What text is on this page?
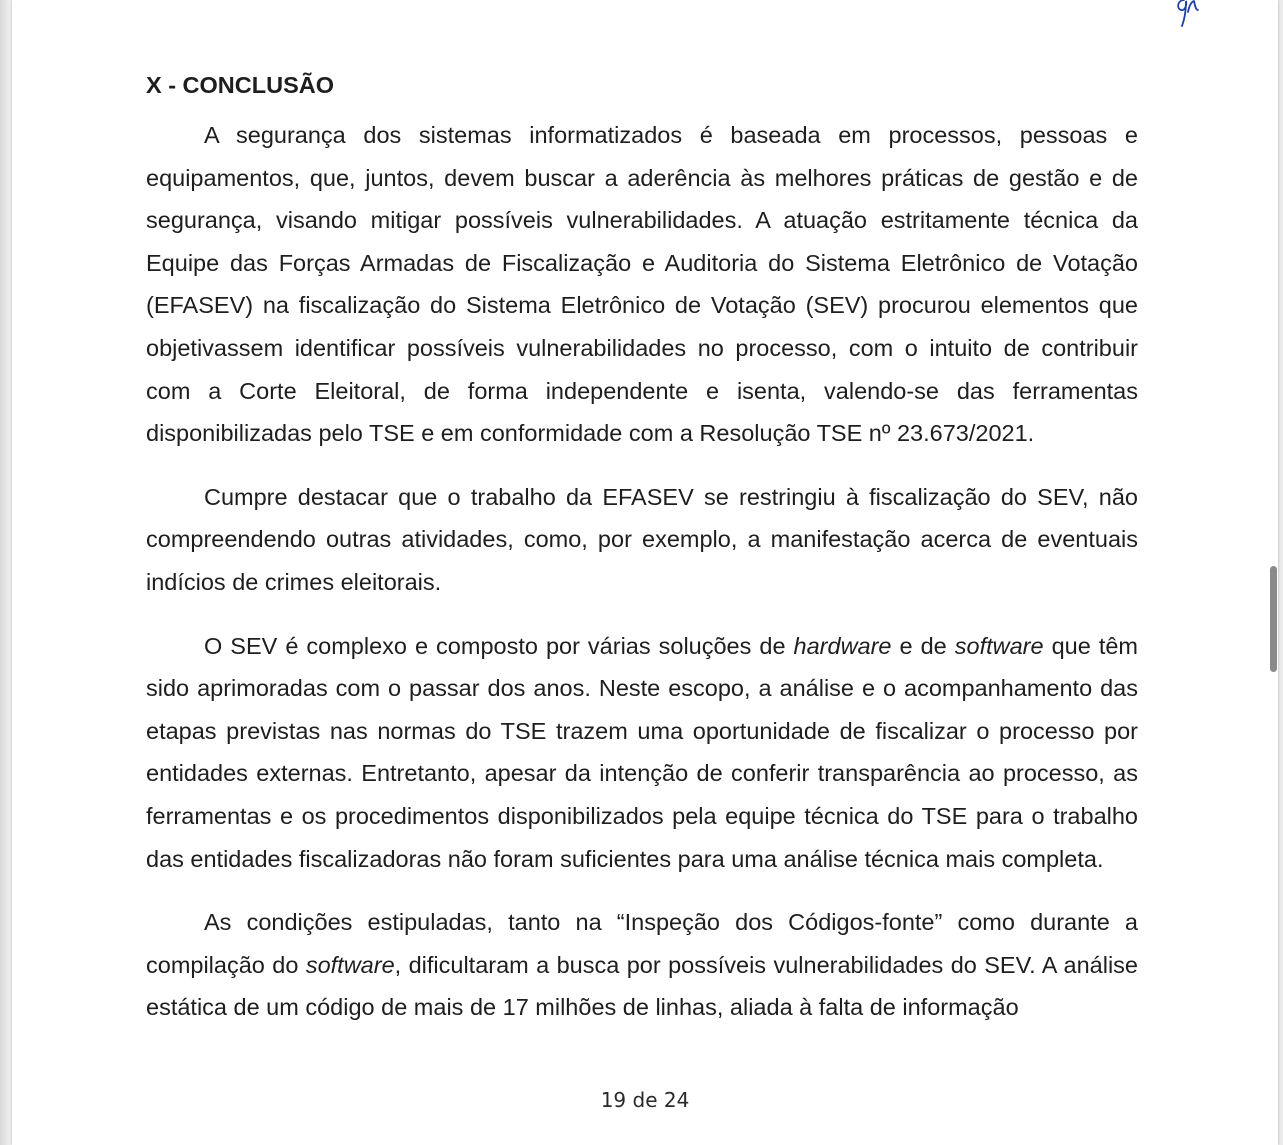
X - CONCLUSÃO

A segurança dos sistemas informatizados é baseada em processos, pessoas e equipamentos, que, juntos, devem buscar a aderência às melhores práticas de gestão e de segurança, visando mitigar possíveis vulnerabilidades. A atuação estritamente técnica da Equipe das Forças Armadas de Fiscalização e Auditoria do Sistema Eletrônico de Votação (EFASEV) na fiscalização do Sistema Eletrônico de Votação (SEV) procurou elementos que objetivassem identificar possíveis vulnerabilidades no processo, com o intuito de contribuir com a Corte Eleitoral, de forma independente e isenta, valendo-se das ferramentas disponibilizadas pelo TSE e em conformidade com a Resolução TSE nº 23.673/2021.

Cumpre destacar que o trabalho da EFASEV se restringiu à fiscalização do SEV, não compreendendo outras atividades, como, por exemplo, a manifestação acerca de eventuais indícios de crimes eleitorais.

O SEV é complexo e composto por várias soluções de hardware e de software que têm sido aprimoradas com o passar dos anos. Neste escopo, a análise e o acompanhamento das etapas previstas nas normas do TSE trazem uma oportunidade de fiscalizar o processo por entidades externas. Entretanto, apesar da intenção de conferir transparência ao processo, as ferramentas e os procedimentos disponibilizados pela equipe técnica do TSE para o trabalho das entidades fiscalizadoras não foram suficientes para uma análise técnica mais completa.

As condições estipuladas, tanto na “Inspeção dos Códigos-fonte” como durante a compilação do software, dificultaram a busca por possíveis vulnerabilidades do SEV. A análise estática de um código de mais de 17 milhões de linhas, aliada à falta de informação

19 de 24
